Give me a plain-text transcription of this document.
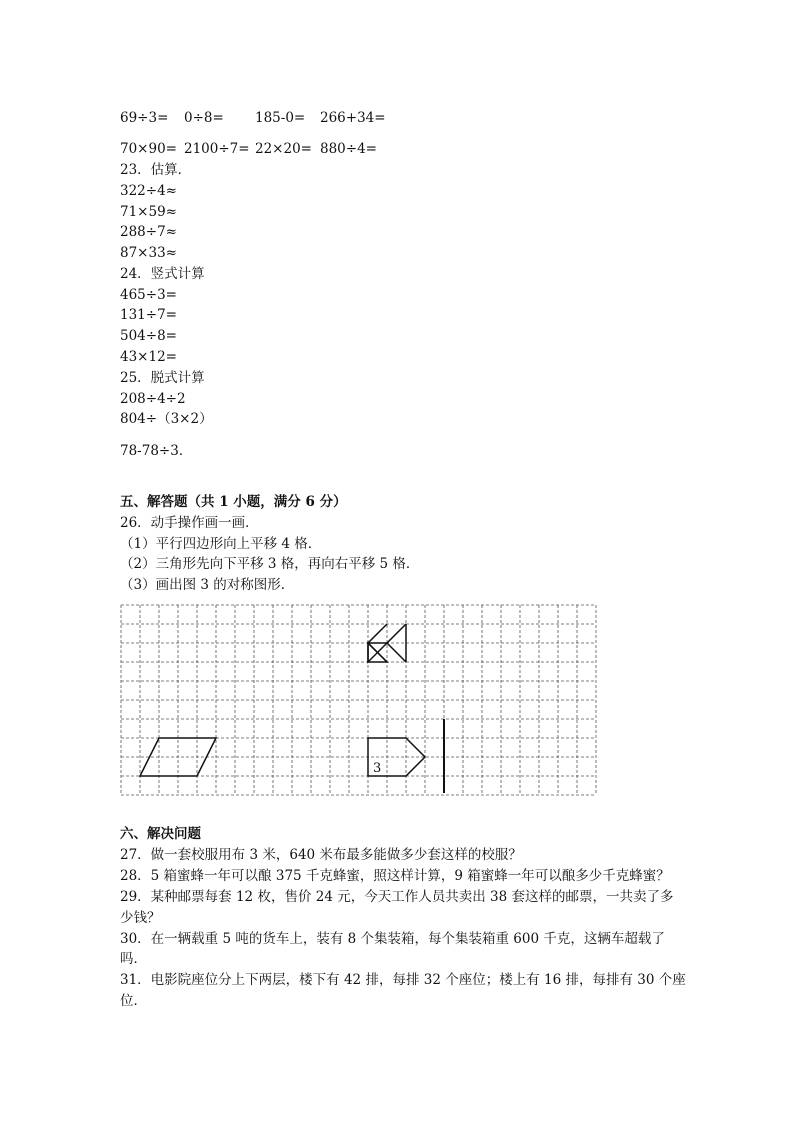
69÷3=	0÷8=	185-0=	266+34=
70×90= 2100÷7= 22×20= 880÷4=
23．估算．
322÷4≈
71×59≈
288÷7≈
87×33≈
24．竖式计算
465÷3=
131÷7=
504÷8=
43×12=
25．脱式计算
208÷4÷2
804÷（3×2）
78-78÷3．
五、解答题（共 1 小题，满分 6 分）
26．动手操作画一画．
（1）平行四边形向上平移 4 格．
（2）三角形先向下平移 3 格，再向右平移 5 格．
（3）画出图 3 的对称图形．
3
六、解决问题
27．做一套校服用布 3 米，640 米布最多能做多少套这样的校服？
28．5 箱蜜蜂一年可以酿 375 千克蜂蜜，照这样计算，9 箱蜜蜂一年可以酿多少千克蜂蜜？
29．某种邮票每套 12 枚，售价 24 元，今天工作人员共卖出 38 套这样的邮票，一共卖了多
少钱？
30．在一辆载重 5 吨的货车上，装有 8 个集装箱，每个集装箱重 600 千克，这辆车超载了
吗．
31．电影院座位分上下两层，楼下有 42 排，每排 32 个座位；楼上有 16 排，每排有 30 个座
位．
